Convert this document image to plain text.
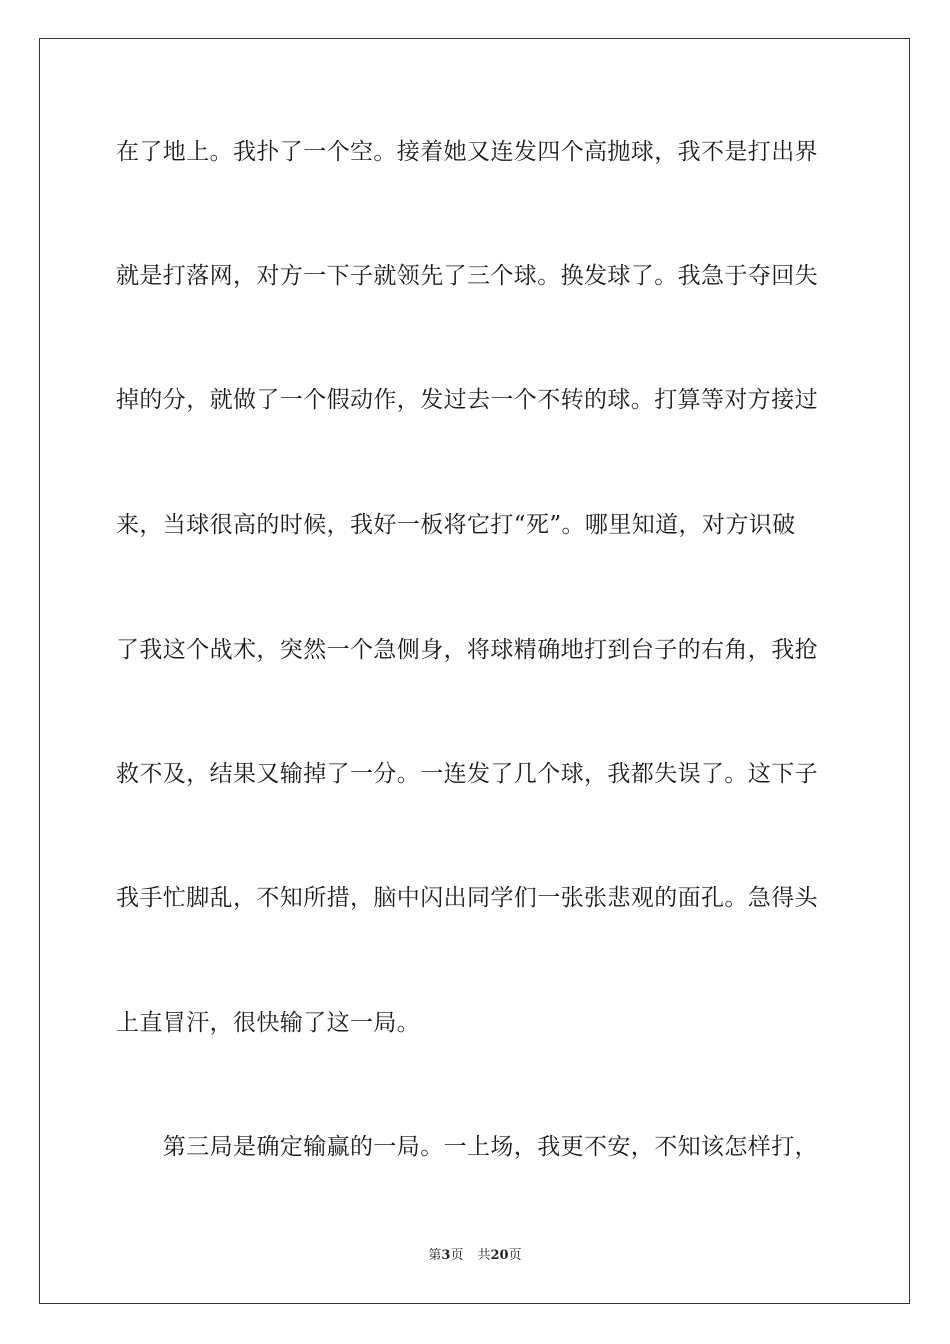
在了地上。我扑了一个空。接着她又连发四个高抛球，我不是打出界
就是打落网，对方一下子就领先了三个球。换发球了。我急于夺回失
掉的分，就做了一个假动作，发过去一个不转的球。打算等对方接过
来，当球很高的时候，我好一板将它打“死”。哪里知道，对方识破
了我这个战术，突然一个急侧身，将球精确地打到台子的右角，我抢
救不及，结果又输掉了一分。一连发了几个球，我都失误了。这下子
我手忙脚乱，不知所措，脑中闪出同学们一张张悲观的面孔。急得头
上直冒汗，很快输了这一局。
　　第三局是确定输赢的一局。一上场，我更不安，不知该怎样打，
第3页 共20页
